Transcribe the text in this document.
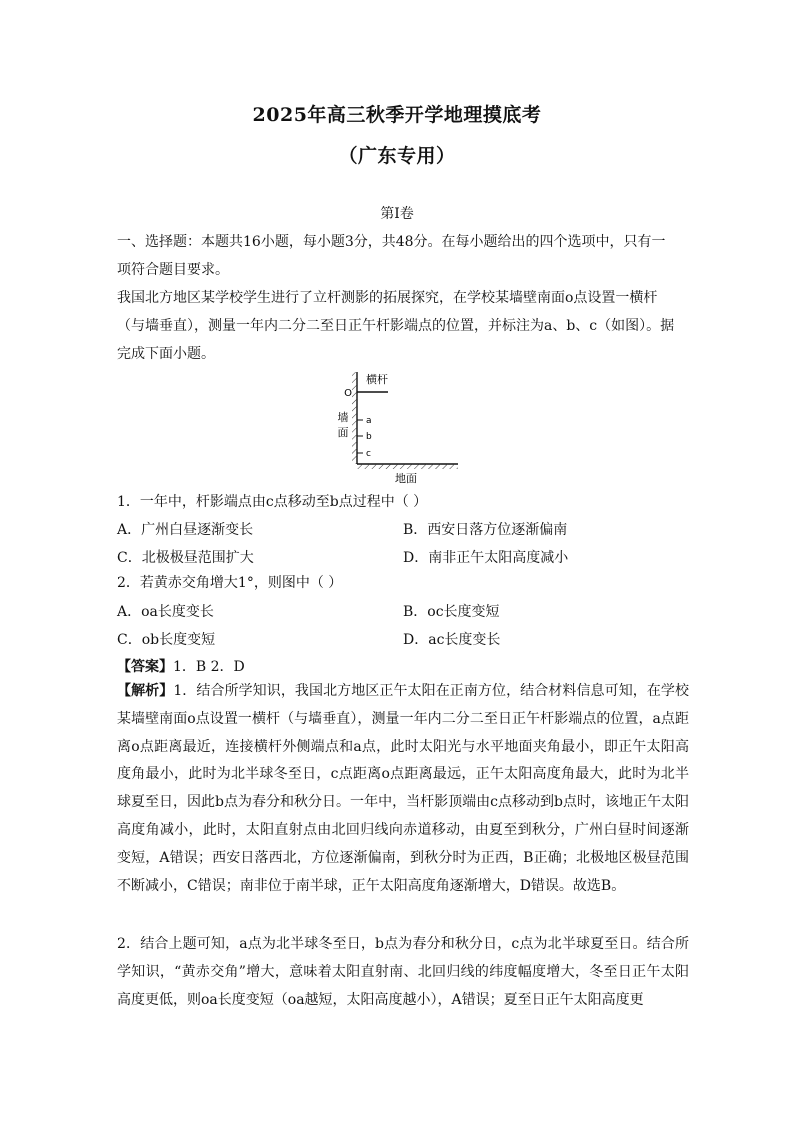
2025年高三秋季开学地理摸底考
（广东专用）
第Ⅰ卷
一、选择题：本题共16小题，每小题3分，共48分。在每小题给出的四个选项中，只有一
项符合题目要求。
我国北方地区某学校学生进行了立杆测影的拓展探究，在学校某墙壁南面o点设置一横杆
（与墙垂直），测量一年内二分二至日正午杆影端点的位置，并标注为a、b、c（如图）。据
完成下面小题。
O
横杆
墙
面
a
b
c
地面
1．一年中，杆影端点由c点移动至b点过程中（ ）
A．广州白昼逐渐变长	B．西安日落方位逐渐偏南
C．北极极昼范围扩大	D．南非正午太阳高度减小
2．若黄赤交角增大1°，则图中（ ）
A．oa长度变长	B．oc长度变短
C．ob长度变短	D．ac长度变长
【答案】1．B 2．D
【解析】1．结合所学知识，我国北方地区正午太阳在正南方位，结合材料信息可知，在学校某墙壁南面o点设置一横杆（与墙垂直），测量一年内二分二至日正午杆影端点的位置，a点距离o点距离最近，连接横杆外侧端点和a点，此时太阳光与水平地面夹角最小，即正午太阳高度角最小，此时为北半球冬至日，c点距离o点距离最远，正午太阳高度角最大，此时为北半球夏至日，因此b点为春分和秋分日。一年中，当杆影顶端由c点移动到b点时，该地正午太阳高度角减小，此时，太阳直射点由北回归线向赤道移动，由夏至到秋分，广州白昼时间逐渐变短，A错误；西安日落西北，方位逐渐偏南，到秋分时为正西，B正确；北极地区极昼范围不断减小，C错误；南非位于南半球，正午太阳高度角逐渐增大，D错误。故选B。
2．结合上题可知，a点为北半球冬至日，b点为春分和秋分日，c点为北半球夏至日。结合所学知识，“黄赤交角”增大，意味着太阳直射南、北回归线的纬度幅度增大，冬至日正午太阳高度更低，则oa长度变短（oa越短，太阳高度越小），A错误；夏至日正午太阳高度更
